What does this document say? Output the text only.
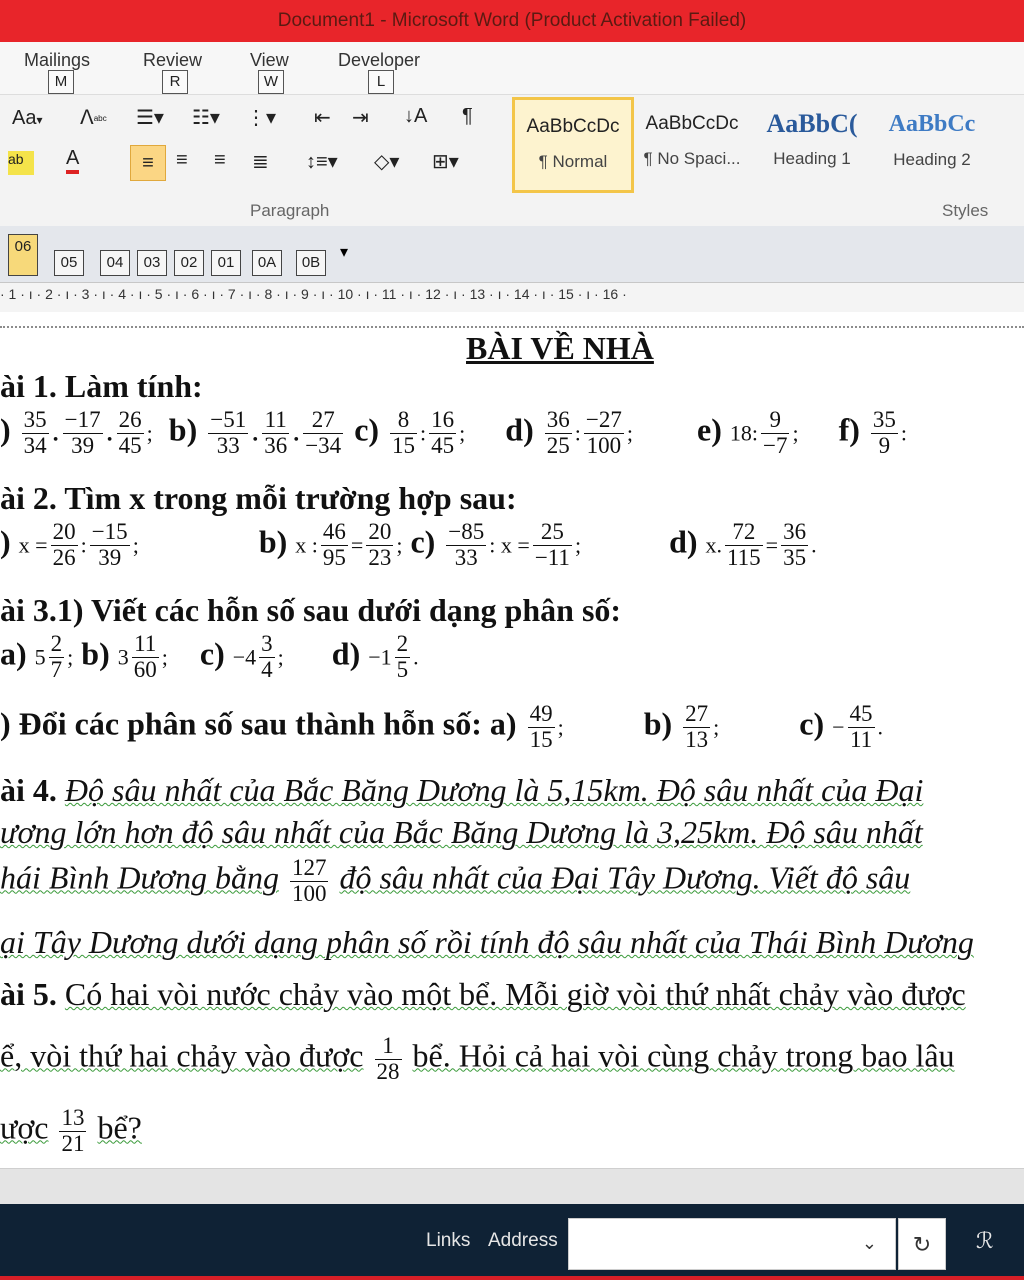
Document1 - Microsoft Word (Product Activation Failed)
Mailings
M
Review
R
View
W
Developer
L
Aa▾ ꓥᵃᵇᶜ
ab	A
☰▾ ☷▾ ⋮▾ ⇤ ⇥ ↓A ¶
≡	≡ ≡ ≣ ↕≡▾ ◇▾ ⊞▾
Paragraph	Styles
AaBbCcDc
¶ Normal
AaBbCcDc
¶ No Spaci...
AaBbC(
Heading 1
AaBbCc
Heading 2
06
05	04	03	02	01	0A	0B
▾
· 1 · ı · 2 · ı · 3 · ı · 4 · ı · 5 · ı · 6 · ı · 7 · ı · 8 · ı · 9 · ı · 10 · ı · 11 · ı · 12 · ı · 13 · ı · 14 · ı · 15 · ı · 16 ·
BÀI VỀ NHÀ
ài 1. Làm tính:
) $\frac{35}{34}$ . $\frac{-17}{39}$ . $\frac{26}{45}$ ; $b) \frac{-51}{33}$ . $\frac{11}{36}$ . $\frac{27}{-34} c) \frac{8}{15}$ : $\frac{16}{45}$ ; $d) \frac{36}{25}$ : $\frac{-27}{100}$ ; e) 18: $\frac{9}{-7}$ ; $f) \frac{35}{9}$ :
ài 2. Tìm x trong mỗi trường hợp sau:
) $x = \frac{20}{26}$ : $\frac{-15}{39}$ ;	b) x : $\frac{46}{95} = \frac{20}{23}$ ; $c) \frac{-85}{33}$ : $x = \frac{25}{-11}$ ;	d) x. $\frac{72}{115} = \frac{36}{35}$ .
ài 3.1) Viết các hỗn số sau dưới dạng phân số:
a) $5 \frac{2}{7}$ ; b) $3 \frac{11}{60}$ ; $c) -4 \frac{3}{4}$ ; $d) -1 \frac{2}{5}$ .
) Đổi các phân số sau thành hỗn số: $a) \frac{49}{15}$ ;	$b) \frac{27}{13}$ ;	$c) - \frac{45}{11}$ .
ài 4. Độ sâu nhất của Bắc Băng Dương là 5,15km. Độ sâu nhất của Đại
ương lớn hơn độ sâu nhất của Bắc Băng Dương là 3,25km. Độ sâu nhất
hái Bình Dương bằng $\frac{127}{100}$ độ sâu nhất của Đại Tây Dương. Viết độ sâu
ại Tây Dương dưới dạng phân số rồi tính độ sâu nhất của Thái Bình Dương
ài 5. Có hai vòi nước chảy vào một bể. Mỗi giờ vòi thứ nhất chảy vào được
ể, vòi thứ hai chảy vào được $\frac{1}{28}$ bể. Hỏi cả hai vòi cùng chảy trong bao lâu
ược $\frac{13}{21}$ bể?
Links Address	⌄	↻	ℛ
